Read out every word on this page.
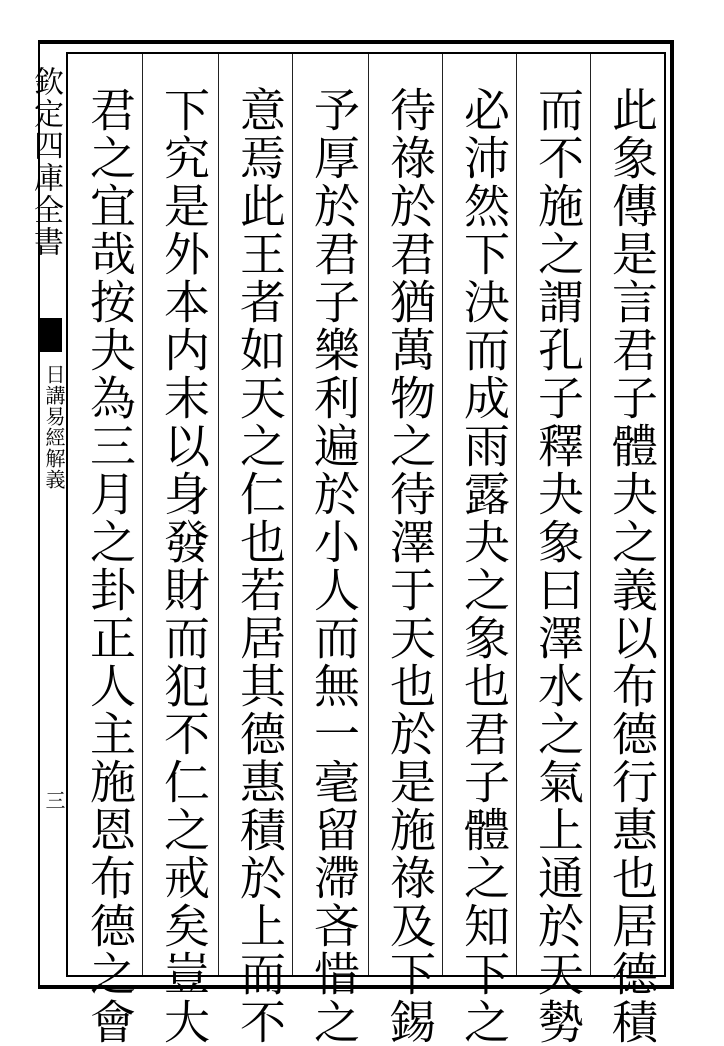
欽定四庫全書
日講易經解義
三	此象傳是言君子體夬之義以布德行惠也居德積
而不施之謂孔子釋夬象曰澤水之氣上通於天勢
必沛然下決而成雨露夬之象也君子體之知下之
待祿於君猶萬物之待澤于天也於是施祿及下錫
予厚於君子樂利遍於小人而無一毫留滯吝惜之
意焉此王者如天之仁也若居其德惠積於上而不
下究是外本内末以身發財而犯不仁之戒矣豈大
君之宜哉按夬為三月之卦正人主施恩布德之會
